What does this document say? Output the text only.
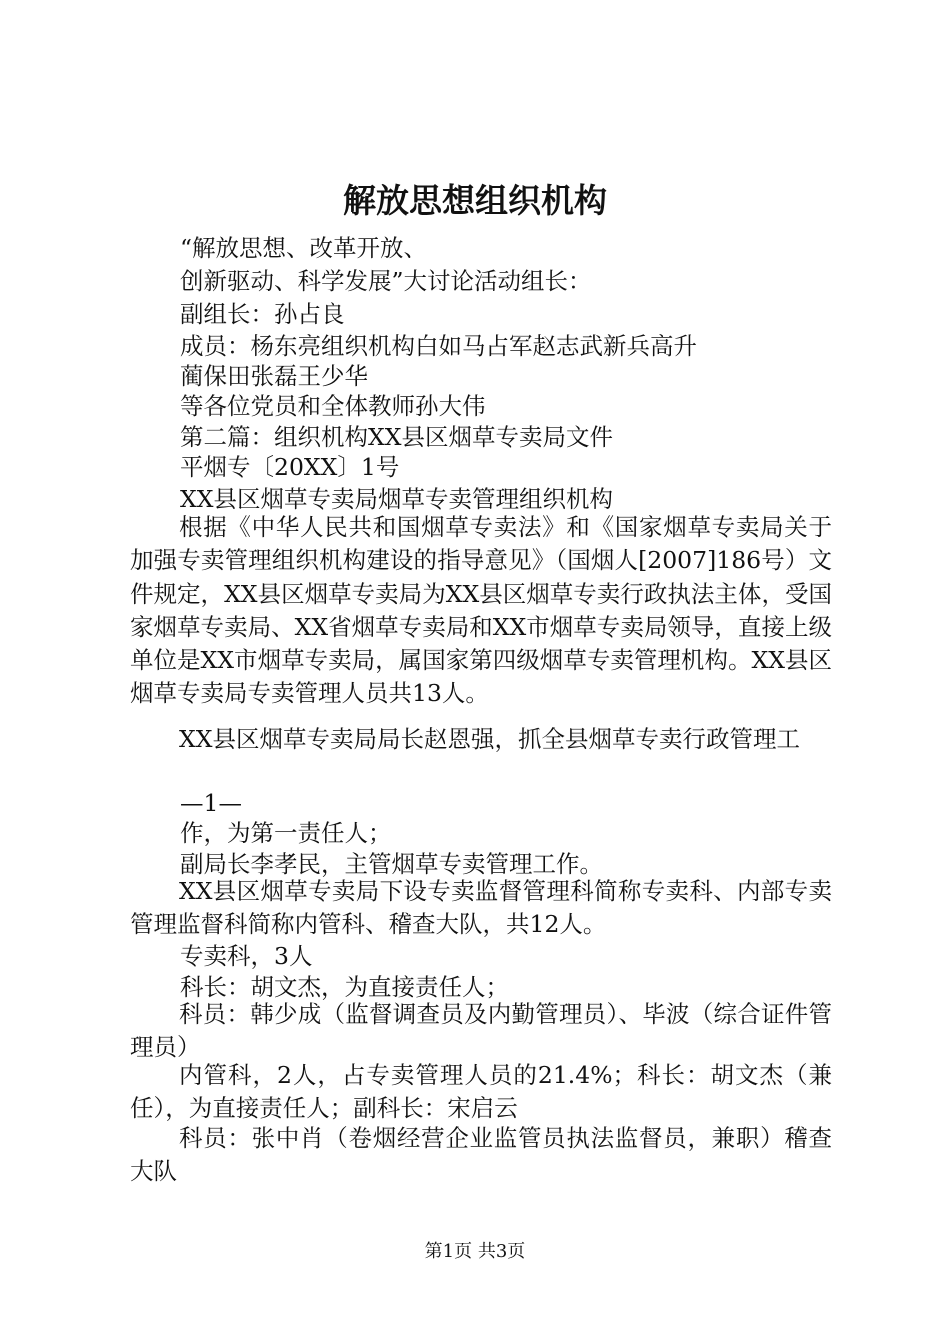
解放思想组织机构
“解放思想、改革开放、
创新驱动、科学发展”大讨论活动组长：
副组长：孙占良
成员：杨东亮组织机构白如马占军赵志武新兵高升
蔺保田张磊王少华
等各位党员和全体教师孙大伟
第二篇：组织机构XX县区烟草专卖局文件
平烟专〔20XX〕1号
XX县区烟草专卖局烟草专卖管理组织机构
根据《中华人民共和国烟草专卖法》和《国家烟草专卖局关于加强专卖管理组织机构建设的指导意见》（国烟人[2007]186号）文件规定，XX县区烟草专卖局为XX县区烟草专卖行政执法主体，受国家烟草专卖局、XX省烟草专卖局和XX市烟草专卖局领导，直接上级单位是XX市烟草专卖局，属国家第四级烟草专卖管理机构。XX县区烟草专卖局专卖管理人员共13人。
XX县区烟草专卖局局长赵恩强，抓全县烟草专卖行政管理工
—1—
作，为第一责任人；
副局长李孝民，主管烟草专卖管理工作。
XX县区烟草专卖局下设专卖监督管理科简称专卖科、内部专卖管理监督科简称内管科、稽查大队，共12人。
专卖科，3人
科长：胡文杰，为直接责任人；
科员：韩少成（监督调查员及内勤管理员）、毕波（综合证件管理员）
内管科，2人，占专卖管理人员的21.4%；科长：胡文杰（兼任），为直接责任人；副科长：宋启云
科员：张中肖（卷烟经营企业监管员执法监督员，兼职）稽查大队
第1页 共3页
